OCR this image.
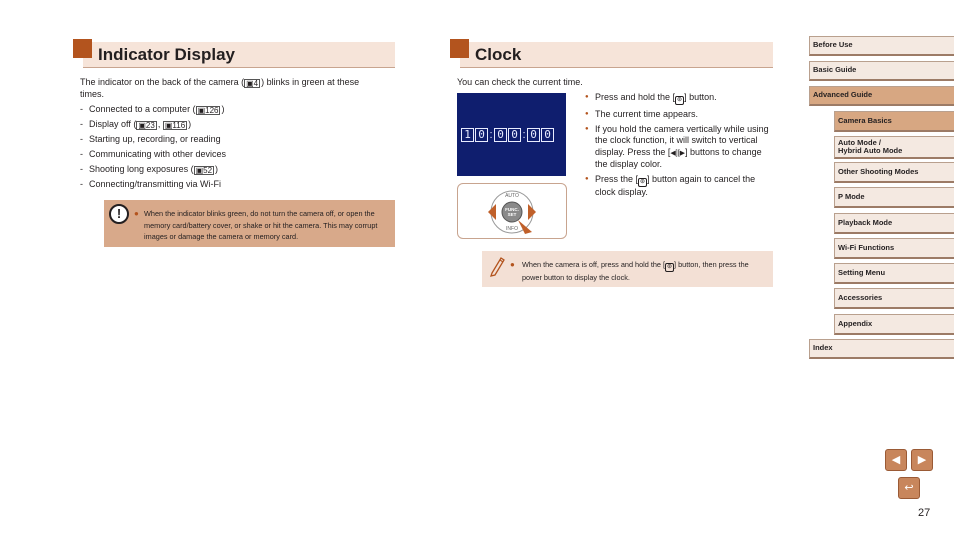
Indicator Display
The indicator on the back of the camera ( ▣4 ) blinks in green at these times.
- Connected to a computer ( ▣126 )
- Display off ( ▣23 , ▣116 )
- Starting up, recording, or reading
- Communicating with other devices
- Shooting long exposures ( ▣52 )
- Connecting/transmitting via Wi-Fi
!	● When the indicator blinks green, do not turn the camera off, or open the memory card/battery cover, or shake or hit the camera. This may corrupt images or damage the camera or memory card.
Clock
You can check the current time.
1 0 : 0 0 : 0 0
AUTO
FUNC.
SET
INFO
● Press and hold the [ ⊛ ] button.
● The current time appears.
● If you hold the camera vertically while using the clock function, it will switch to vertical display. Press the [◀][▶] buttons to change the display color.
● Press the [ ⊛ ] button again to cancel the clock display.
● When the camera is off, press and hold the [ ⊛ ] button, then press the power button to display the clock.
Before Use
Basic Guide
Advanced Guide
Camera Basics
Auto Mode /
Hybrid Auto Mode
Other Shooting Modes
P Mode
Playback Mode
Wi-Fi Functions
Setting Menu
Accessories
Appendix
Index
◀	▶
↩
27
